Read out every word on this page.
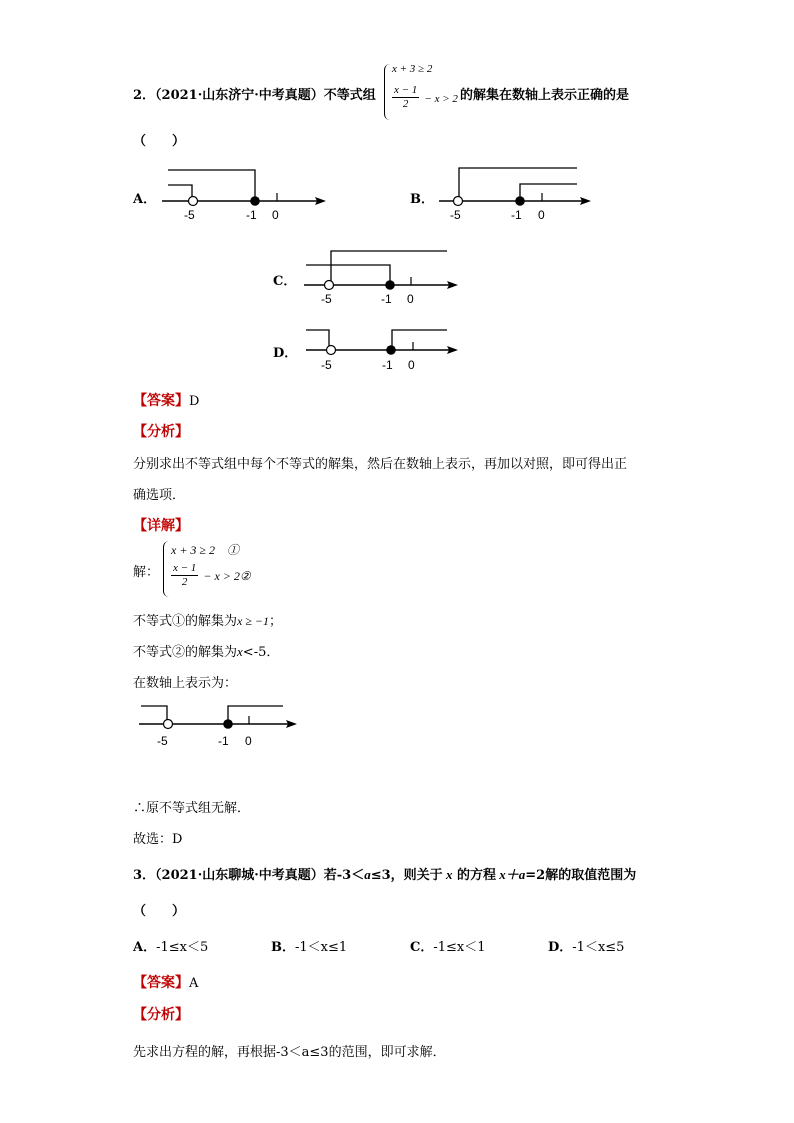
2．（2021·山东济宁·中考真题）不等式组
x + 3 ≥ 2
$\frac{x - 1}{2} - x > 2$ 的解集在数轴上表示正确的是
（　　）
A．
-5	-1 0
B．
-5	-1 0
C．
-5	-1 0
D．
-5	-1 0
【答案】D
【分析】
分别求出不等式组中每个不等式的解集，然后在数轴上表示，再加以对照，即可得出正
确选项．
【详解】
解：
x + 3 ≥ 2　①
$\frac{x - 1}{2} - x$ > 2②
不等式①的解集为x ≥ −1；
不等式②的解集为x<-5．
在数轴上表示为：
-5	-1 0
∴原不等式组无解．
故选：D
3．（2021·山东聊城·中考真题）若-3＜a≤3，则关于 x 的方程 x＋a=2解的取值范围为
（　　）
A．-1≤x＜5	B．-1＜x≤1	C．-1≤x＜1	D．-1＜x≤5
【答案】A
【分析】
先求出方程的解，再根据-3＜a≤3的范围，即可求解．
